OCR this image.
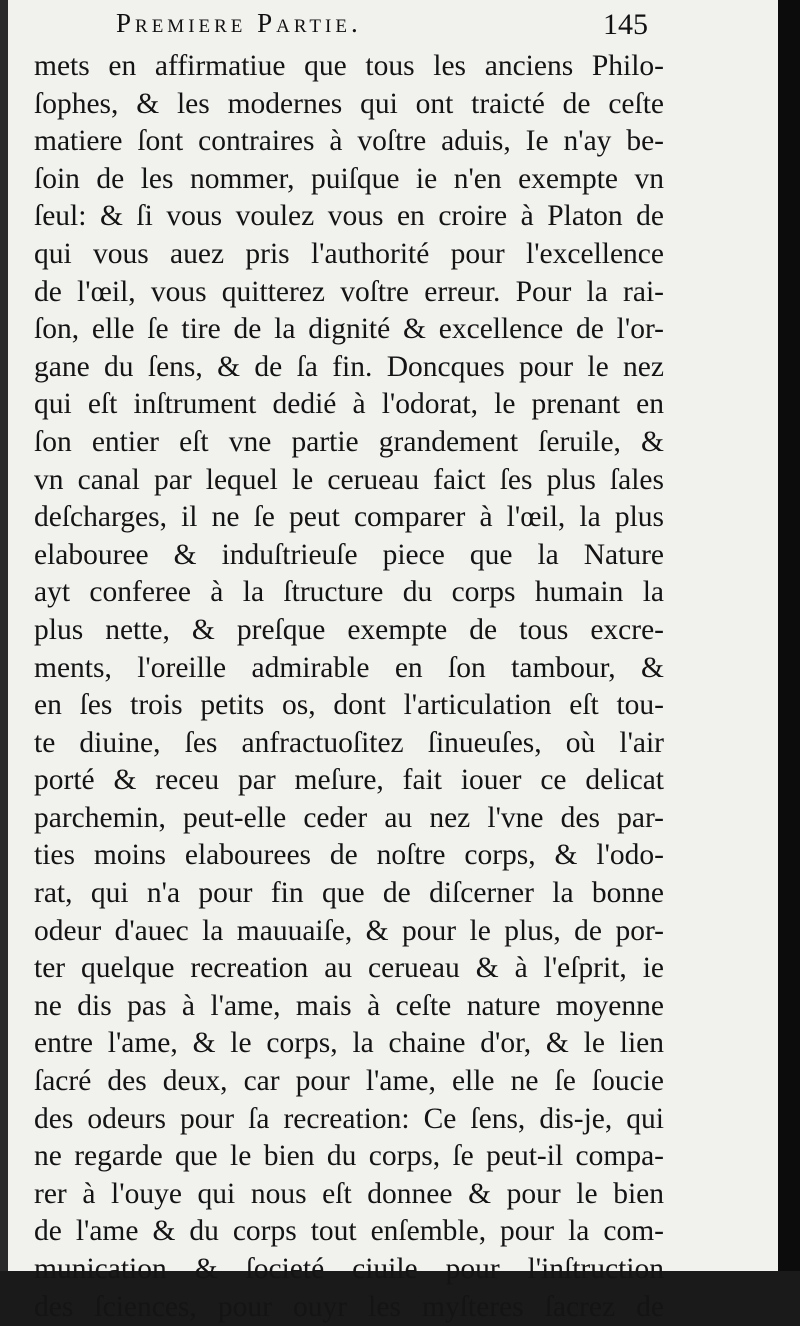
Premiere Partie.	145
mets en affirmatiue que tous les anciens Philo-
ſophes, & les modernes qui ont traicté de ceſte
matiere ſont contraires à voſtre aduis, Ie n'ay be-
ſoin de les nommer, puiſque ie n'en exempte vn
ſeul: & ſi vous voulez vous en croire à Platon de
qui vous auez pris l'authorité pour l'excellence
de l'œil, vous quitterez voſtre erreur. Pour la rai-
ſon, elle ſe tire de la dignité & excellence de l'or-
gane du ſens, & de ſa fin. Doncques pour le nez
qui eſt inſtrument dedié à l'odorat, le prenant en
ſon entier eſt vne partie grandement ſeruile, &
vn canal par lequel le cerueau faict ſes plus ſales
deſcharges, il ne ſe peut comparer à l'œil, la plus
elabouree & induſtrieuſe piece que la Nature
ayt conferee à la ſtructure du corps humain la
plus nette, & preſque exempte de tous excre-
ments, l'oreille admirable en ſon tambour, &
en ſes trois petits os, dont l'articulation eſt tou-
te diuine, ſes anfractuoſitez ſinueuſes, où l'air
porté & receu par meſure, fait iouer ce delicat
parchemin, peut-elle ceder au nez l'vne des par-
ties moins elabourees de noſtre corps, & l'odo-
rat, qui n'a pour fin que de diſcerner la bonne
odeur d'auec la mauuaiſe, & pour le plus, de por-
ter quelque recreation au cerueau & à l'eſprit, ie
ne dis pas à l'ame, mais à ceſte nature moyenne
entre l'ame, & le corps, la chaine d'or, & le lien
ſacré des deux, car pour l'ame, elle ne ſe ſoucie
des odeurs pour ſa recreation: Ce ſens, dis-je, qui
ne regarde que le bien du corps, ſe peut-il compa-
rer à l'ouye qui nous eſt donnee & pour le bien
de l'ame & du corps tout enſemble, pour la com-
munication & ſocieté ciuile pour l'inſtruction
des ſciences, pour ouyr les myſteres ſacrez de
